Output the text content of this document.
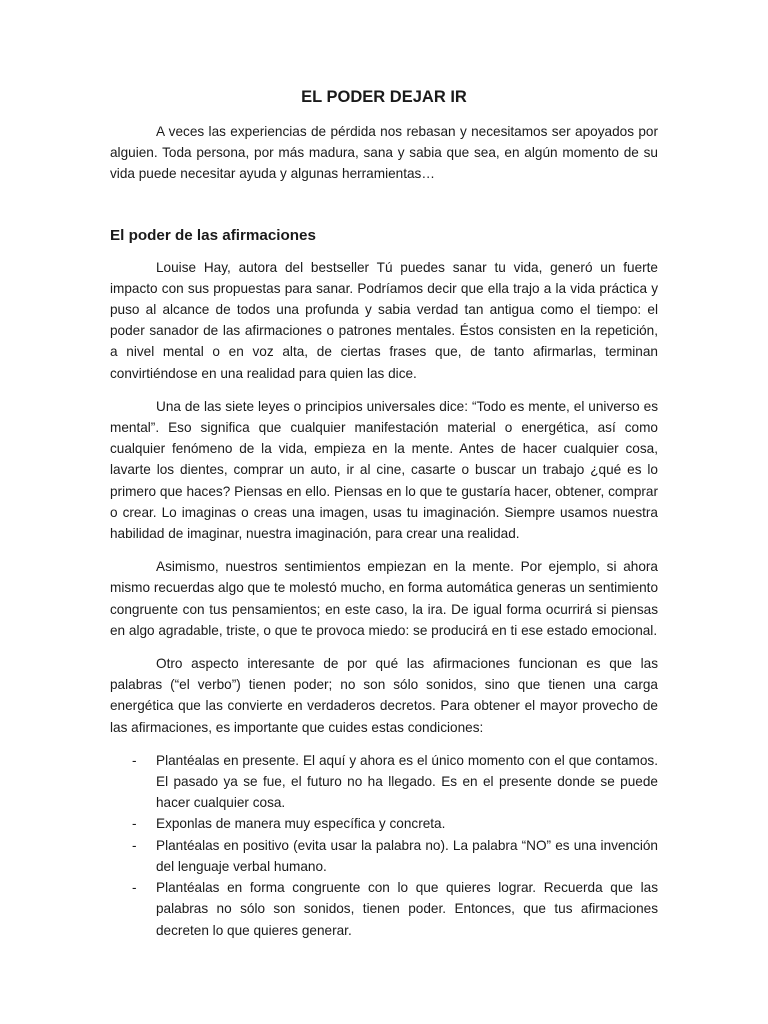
EL PODER DEJAR IR

A veces las experiencias de pérdida nos rebasan y necesitamos ser apoyados por alguien. Toda persona, por más madura, sana y sabia que sea, en algún momento de su vida puede necesitar ayuda y algunas herramientas…

El poder de las afirmaciones

Louise Hay, autora del bestseller Tú puedes sanar tu vida, generó un fuerte impacto con sus propuestas para sanar. Podríamos decir que ella trajo a la vida práctica y puso al alcance de todos una profunda y sabia verdad tan antigua como el tiempo: el poder sanador de las afirmaciones o patrones mentales. Éstos consisten en la repetición, a nivel mental o en voz alta, de ciertas frases que, de tanto afirmarlas, terminan convirtiéndose en una realidad para quien las dice.

Una de las siete leyes o principios universales dice: “Todo es mente, el universo es mental”. Eso significa que cualquier manifestación material o energética, así como cualquier fenómeno de la vida, empieza en la mente. Antes de hacer cualquier cosa, lavarte los dientes, comprar un auto, ir al cine, casarte o buscar un trabajo ¿qué es lo primero que haces? Piensas en ello. Piensas en lo que te gustaría hacer, obtener, comprar o crear. Lo imaginas o creas una imagen, usas tu imaginación. Siempre usamos nuestra habilidad de imaginar, nuestra imaginación, para crear una realidad.

Asimismo, nuestros sentimientos empiezan en la mente. Por ejemplo, si ahora mismo recuerdas algo que te molestó mucho, en forma automática generas un sentimiento congruente con tus pensamientos; en este caso, la ira. De igual forma ocurrirá si piensas en algo agradable, triste, o que te provoca miedo: se producirá en ti ese estado emocional.

Otro aspecto interesante de por qué las afirmaciones funcionan es que las palabras (“el verbo”) tienen poder; no son sólo sonidos, sino que tienen una carga energética que las convierte en verdaderos decretos. Para obtener el mayor provecho de las afirmaciones, es importante que cuides estas condiciones:

- Plantéalas en presente. El aquí y ahora es el único momento con el que contamos. El pasado ya se fue, el futuro no ha llegado. Es en el presente donde se puede hacer cualquier cosa.
- Exponlas de manera muy específica y concreta.
- Plantéalas en positivo (evita usar la palabra no). La palabra “NO” es una invención del lenguaje verbal humano.
- Plantéalas en forma congruente con lo que quieres lograr. Recuerda que las palabras no sólo son sonidos, tienen poder. Entonces, que tus afirmaciones decreten lo que quieres generar.
